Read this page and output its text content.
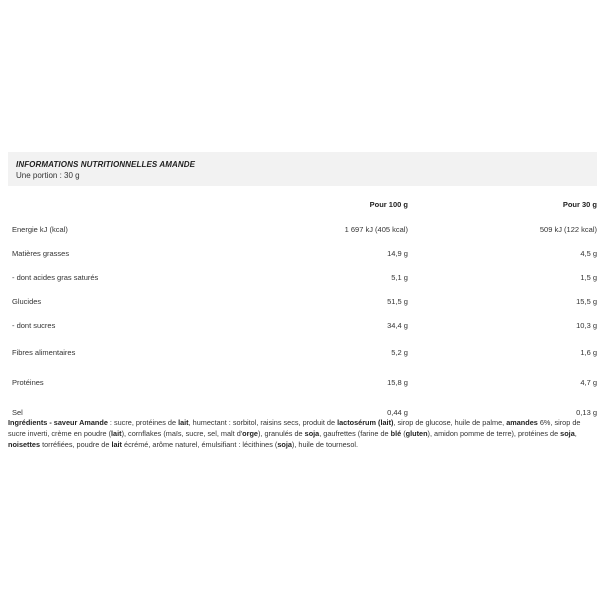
INFORMATIONS NUTRITIONNELLES AMANDE
Une portion : 30 g
	Pour 100 g	Pour 30 g
Energie kJ (kcal)	1 697 kJ (405 kcal)	509 kJ (122 kcal)
Matières grasses	14,9 g	4,5 g
- dont acides gras saturés	5,1 g	1,5 g
Glucides	51,5 g	15,5 g
- dont sucres	34,4 g	10,3 g
Fibres alimentaires	5,2 g	1,6 g
Protéines	15,8 g	4,7 g
Sel	0,44 g	0,13 g
Ingrédients - saveur Amande : sucre, protéines de lait, humectant : sorbitol, raisins secs, produit de lactosérum (lait), sirop de glucose, huile de palme, amandes 6%, sirop de sucre inverti, crème en poudre (lait), cornflakes (maïs, sucre, sel, malt d'orge), granulés de soja, gaufrettes (farine de blé (gluten), amidon pomme de terre), protéines de soja, noisettes torréfiées, poudre de lait écrémé, arôme naturel, émulsifiant : lécithines (soja), huile de tournesol.
